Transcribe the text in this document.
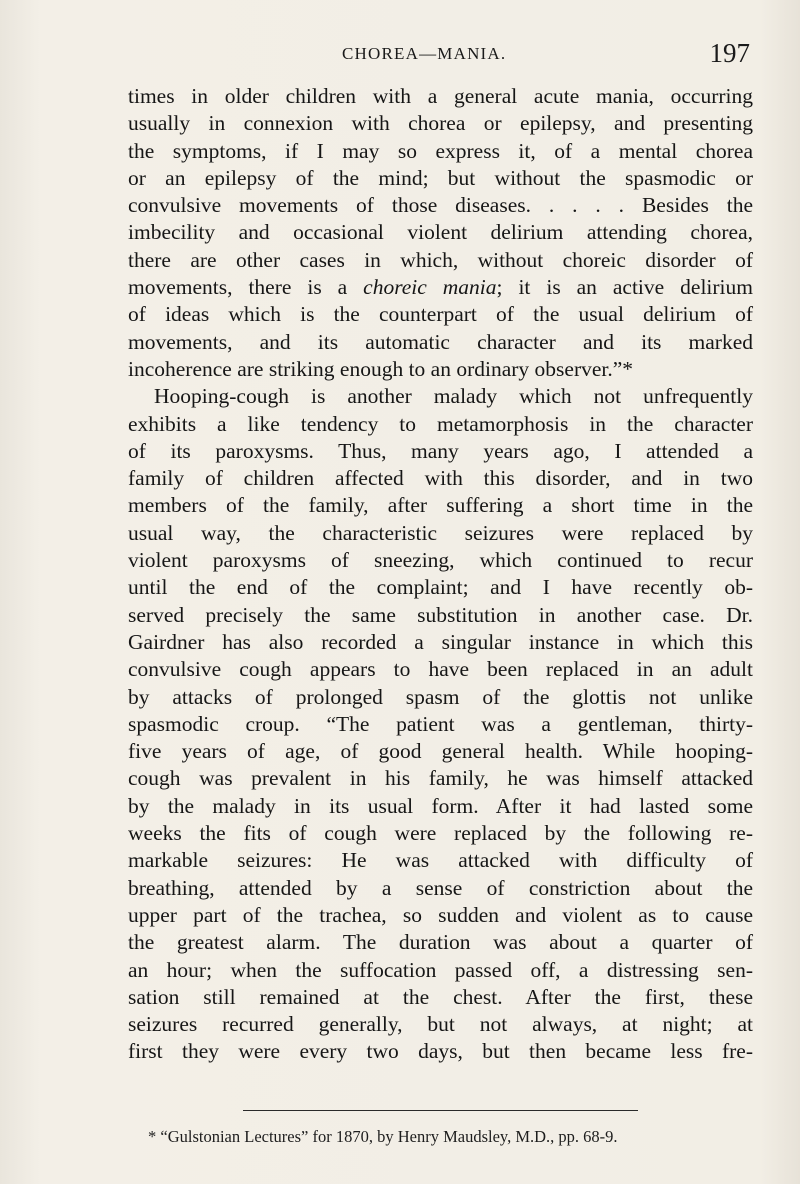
CHOREA—MANIA.	197
times in older children with a general acute mania, occurring
usually in connexion with chorea or epilepsy, and presenting
the symptoms, if I may so express it, of a mental chorea
or an epilepsy of the mind; but without the spasmodic or
convulsive movements of those diseases. . . . . Besides the
imbecility and occasional violent delirium attending chorea,
there are other cases in which, without choreic disorder of
movements, there is a choreic mania; it is an active delirium
of ideas which is the counterpart of the usual delirium of
movements, and its automatic character and its marked
incoherence are striking enough to an ordinary observer.”*
Hooping-cough is another malady which not unfrequently
exhibits a like tendency to metamorphosis in the character
of its paroxysms. Thus, many years ago, I attended a
family of children affected with this disorder, and in two
members of the family, after suffering a short time in the
usual way, the characteristic seizures were replaced by
violent paroxysms of sneezing, which continued to recur
until the end of the complaint; and I have recently ob-
served precisely the same substitution in another case. Dr.
Gairdner has also recorded a singular instance in which this
convulsive cough appears to have been replaced in an adult
by attacks of prolonged spasm of the glottis not unlike
spasmodic croup. “The patient was a gentleman, thirty-
five years of age, of good general health. While hooping-
cough was prevalent in his family, he was himself attacked
by the malady in its usual form. After it had lasted some
weeks the fits of cough were replaced by the following re-
markable seizures: He was attacked with difficulty of
breathing, attended by a sense of constriction about the
upper part of the trachea, so sudden and violent as to cause
the greatest alarm. The duration was about a quarter of
an hour; when the suffocation passed off, a distressing sen-
sation still remained at the chest. After the first, these
seizures recurred generally, but not always, at night; at
first they were every two days, but then became less fre-
* “Gulstonian Lectures” for 1870, by Henry Maudsley, M.D., pp. 68-9.
